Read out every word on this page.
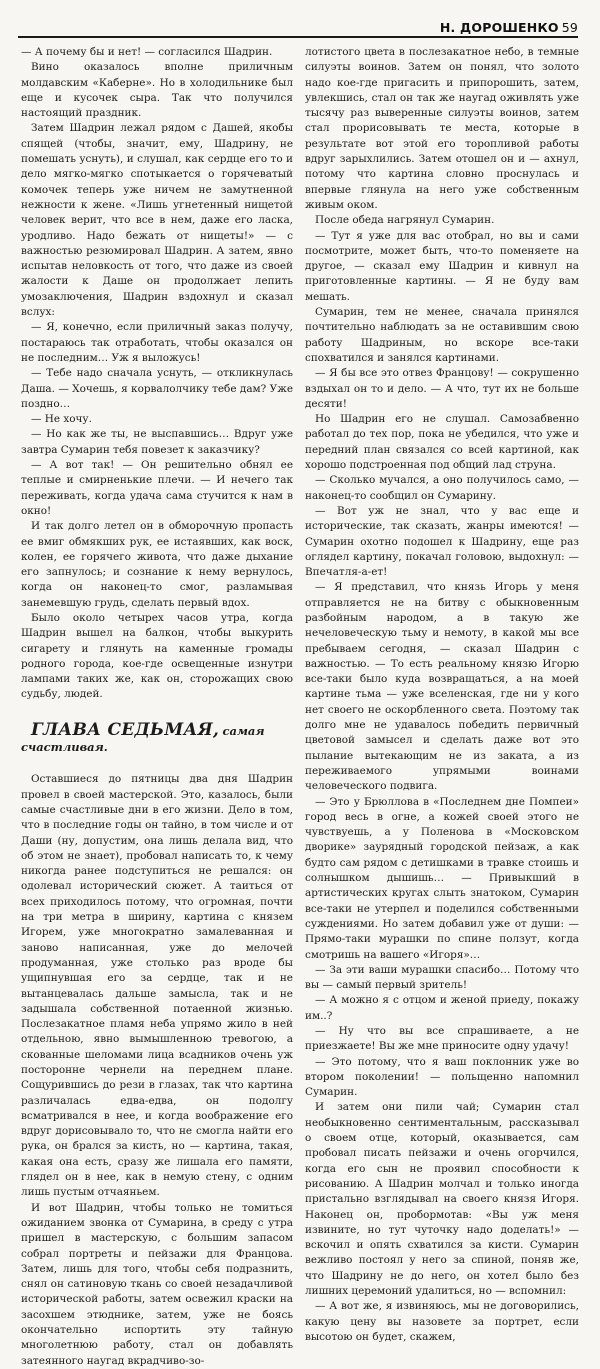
Н. ДОРОШЕНКО 59

— А почему бы и нет! — согласился Шадрин.

Вино оказалось вполне приличным молдавским «Каберне». Но в холодильнике был еще и кусочек сыра. Так что получился настоящий праздник.

Затем Шадрин лежал рядом с Дашей, якобы спящей (чтобы, значит, ему, Шадрину, не помешать уснуть), и слушал, как сердце его то и дело мягко-мягко спотыкается о горячеватый комочек теперь уже ничем не замутненной нежности к жене. «Лишь угнетенный нищетой человек верит, что все в нем, даже его ласка, уродливо. Надо бежать от нищеты!» — с важностью резюмировал Шадрин. А затем, явно испытав неловкость от того, что даже из своей жалости к Даше он продолжает лепить умозаключения, Шадрин вздохнул и сказал вслух:

— Я, конечно, если приличный заказ получу, постараюсь так отработать, чтобы оказался он не последним… Уж я выложусь!

— Тебе надо сначала уснуть, — откликнулась Даша. — Хочешь, я корвалолчику тебе дам? Уже поздно…

— Не хочу.

— Но как же ты, не выспавшись… Вдруг уже завтра Сумарин тебя повезет к заказчику?

— А вот так! — Он решительно обнял ее теплые и смирненькие плечи. — И нечего так переживать, когда удача сама стучится к нам в окно!

И так долго летел он в обморочную пропасть ее вмиг обмякших рук, ее истаявших, как воск, колен, ее горячего живота, что даже дыхание его запнулось; и сознание к нему вернулось, когда он наконец-то смог, разламывая занемевшую грудь, сделать первый вдох.

Было около четырех часов утра, когда Шадрин вышел на балкон, чтобы выкурить сигарету и глянуть на каменные громады родного города, кое-где освещенные изнутри лампами таких же, как он, сторожащих свою судьбу, людей.

ГЛАВА СЕДЬМАЯ, самая счастливая.

Оставшиеся до пятницы два дня Шадрин провел в своей мастерской. Это, казалось, были самые счастливые дни в его жизни. Дело в том, что в последние годы он тайно, в том числе и от Даши (ну, допустим, она лишь делала вид, что об этом не знает), пробовал написать то, к чему никогда ранее подступиться не решался: он одолевал исторический сюжет. А таиться от всех приходилось потому, что огромная, почти на три метра в ширину, картина с князем Игорем, уже многократно замалеванная и заново написанная, уже до мелочей продуманная, уже столько раз вроде бы ущипнувшая его за сердце, так и не вытанцевалась дальше замысла, так и не задышала собственной потаенной жизнью. Послезакатное пламя неба упрямо жило в ней отдельною, явно вымышленною тревогою, а скованные шеломами лица всадников очень уж посторонне чернели на переднем плане. Сощурившись до рези в глазах, так что картина различалась едва-едва, он подолгу всматривался в нее, и когда воображение его вдруг дорисовывало то, что не смогла найти его рука, он брался за кисть, но — картина, такая, какая она есть, сразу же лишала его памяти, глядел он в нее, как в немую стену, с одним лишь пустым отчаяньем.

И вот Шадрин, чтобы только не томиться ожиданием звонка от Сумарина, в среду с утра пришел в мастерскую, с большим запасом собрал портреты и пейзажи для Францова. Затем, лишь для того, чтобы себя подразнить, снял он сатиновую ткань со своей незадачливой исторической работы, затем освежил краски на засохшем этюднике, затем, уже не боясь окончательно испортить эту тайную многолетнюю работу, стал он добавлять затеянного наугад вкрадчиво-зо-

лотистого цвета в послезакатное небо, в темные силуэты воинов. Затем он понял, что золото надо кое-где пригасить и припорошить, затем, увлекшись, стал он так же наугад оживлять уже тысячу раз выверенные силуэты воинов, затем стал прорисовывать те места, которые в результате вот этой его торопливой работы вдруг зарыхлились. Затем отошел он и — ахнул, потому что картина словно проснулась и впервые глянула на него уже собственным живым оком.

После обеда нагрянул Сумарин.

— Тут я уже для вас отобрал, но вы и сами посмотрите, может быть, что-то поменяете на другое, — сказал ему Шадрин и кивнул на приготовленные картины. — Я не буду вам мешать.

Сумарин, тем не менее, сначала принялся почтительно наблюдать за не оставившим свою работу Шадриным, но вскоре все-таки спохватился и занялся картинами.

— Я бы все это отвез Францову! — сокрушенно вздыхал он то и дело. — А что, тут их не больше десяти!

Но Шадрин его не слушал. Самозабвенно работал до тех пор, пока не убедился, что уже и передний план связался со всей картиной, как хорошо подстроенная под общий лад струна.

— Сколько мучался, а оно получилось само, — наконец-то сообщил он Сумарину.

— Вот уж не знал, что у вас еще и исторические, так сказать, жанры имеются! — Сумарин охотно подошел к Шадрину, еще раз оглядел картину, покачал головою, выдохнул: — Впечатля-а-ет!

— Я представил, что князь Игорь у меня отправляется не на битву с обыкновенным разбойным народом, а в такую же нечеловеческую тьму и немоту, в какой мы все пребываем сегодня, — сказал Шадрин с важностью. — То есть реальному князю Игорю все-таки было куда возвращаться, а на моей картине тьма — уже вселенская, где ни у кого нет своего не оскорбленного света. Поэтому так долго мне не удавалось победить первичный цветовой замысел и сделать даже вот это пылание вытекающим не из заката, а из переживаемого упрямыми воинами человеческого подвига.

— Это у Брюллова в «Последнем дне Помпеи» город весь в огне, а кожей своей этого не чувствуешь, а у Поленова в «Московском дворике» заурядный городской пейзаж, а как будто сам рядом с детишками в травке стоишь и солнышком дышишь… — Привыкший в артистических кругах слыть знатоком, Сумарин все-таки не утерпел и поделился собственными суждениями. Но затем добавил уже от души: — Прямо-таки мурашки по спине ползут, когда смотришь на вашего «Игоря»…

— За эти ваши мурашки спасибо… Потому что вы — самый первый зритель!

— А можно я с отцом и женой приеду, покажу им..?

— Ну что вы все спрашиваете, а не приезжаете! Вы же мне приносите одну удачу!

— Это потому, что я ваш поклонник уже во втором поколении! — польщенно напомнил Сумарин.

И затем они пили чай; Сумарин стал необыкновенно сентиментальным, рассказывал о своем отце, который, оказывается, сам пробовал писать пейзажи и очень огорчился, когда его сын не проявил способности к рисованию. А Шадрин молчал и только иногда пристально взглядывал на своего князя Игоря. Наконец он, пробормотав: «Вы уж меня извините, но тут чуточку надо доделать!» — вскочил и опять схватился за кисти. Сумарин вежливо постоял у него за спиной, поняв же, что Шадрину не до него, он хотел было без лишних церемоний удалиться, но — вспомнил:

— А вот же, я извиняюсь, мы не договорились, какую цену вы назовете за портрет, если высотою он будет, скажем,
